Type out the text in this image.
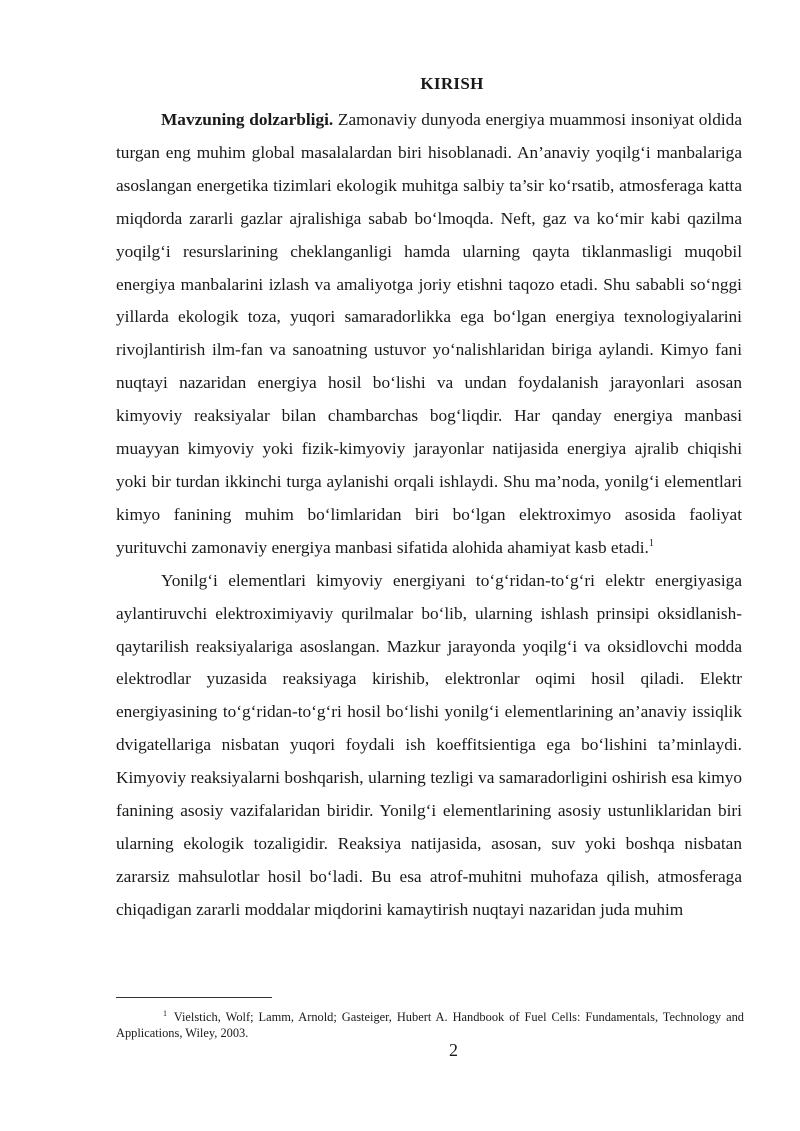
KIRISH

Mavzuning dolzarbligi. Zamonaviy dunyoda energiya muammosi insoniyat oldida turgan eng muhim global masalalardan biri hisoblanadi. An’anaviy yoqilg‘i manbalariga asoslangan energetika tizimlari ekologik muhitga salbiy ta’sir ko‘rsatib, atmosferaga katta miqdorda zararli gazlar ajralishiga sabab bo‘lmoqda. Neft, gaz va ko‘mir kabi qazilma yoqilg‘i resurslarining cheklanganligi hamda ularning qayta tiklanmasligi muqobil energiya manbalarini izlash va amaliyotga joriy etishni taqozo etadi. Shu sababli so‘nggi yillarda ekologik toza, yuqori samaradorlikka ega bo‘lgan energiya texnologiyalarini rivojlantirish ilm-fan va sanoatning ustuvor yo‘nalishlaridan biriga aylandi. Kimyo fani nuqtayi nazaridan energiya hosil bo‘lishi va undan foydalanish jarayonlari asosan kimyoviy reaksiyalar bilan chambarchas bog‘liqdir. Har qanday energiya manbasi muayyan kimyoviy yoki fizik-kimyoviy jarayonlar natijasida energiya ajralib chiqishi yoki bir turdan ikkinchi turga aylanishi orqali ishlaydi. Shu ma’noda, yonilg‘i elementlari kimyo fanining muhim bo‘limlaridan biri bo‘lgan elektroximyo asosida faoliyat yurituvchi zamonaviy energiya manbasi sifatida alohida ahamiyat kasb etadi.$^1$

Yonilg‘i elementlari kimyoviy energiyani to‘g‘ridan-to‘g‘ri elektr energiyasiga aylantiruvchi elektroximiyaviy qurilmalar bo‘lib, ularning ishlash prinsipi oksidlanish-qaytarilish reaksiyalariga asoslangan. Mazkur jarayonda yoqilg‘i va oksidlovchi modda elektrodlar yuzasida reaksiyaga kirishib, elektronlar oqimi hosil qiladi. Elektr energiyasining to‘g‘ridan-to‘g‘ri hosil bo‘lishi yonilg‘i elementlarining an’anaviy issiqlik dvigatellariga nisbatan yuqori foydali ish koeffitsientiga ega bo‘lishini ta’minlaydi. Kimyoviy reaksiyalarni boshqarish, ularning tezligi va samaradorligini oshirish esa kimyo fanining asosiy vazifalaridan biridir. Yonilg‘i elementlarining asosiy ustunliklaridan biri ularning ekologik tozaligidir. Reaksiya natijasida, asosan, suv yoki boshqa nisbatan zararsiz mahsulotlar hosil bo‘ladi. Bu esa atrof-muhitni muhofaza qilish, atmosferaga chiqadigan zararli moddalar miqdorini kamaytirish nuqtayi nazaridan juda muhim

$^1$ Vielstich, Wolf; Lamm, Arnold; Gasteiger, Hubert A. Handbook of Fuel Cells: Fundamentals, Technology and Applications, Wiley, 2003.

2
